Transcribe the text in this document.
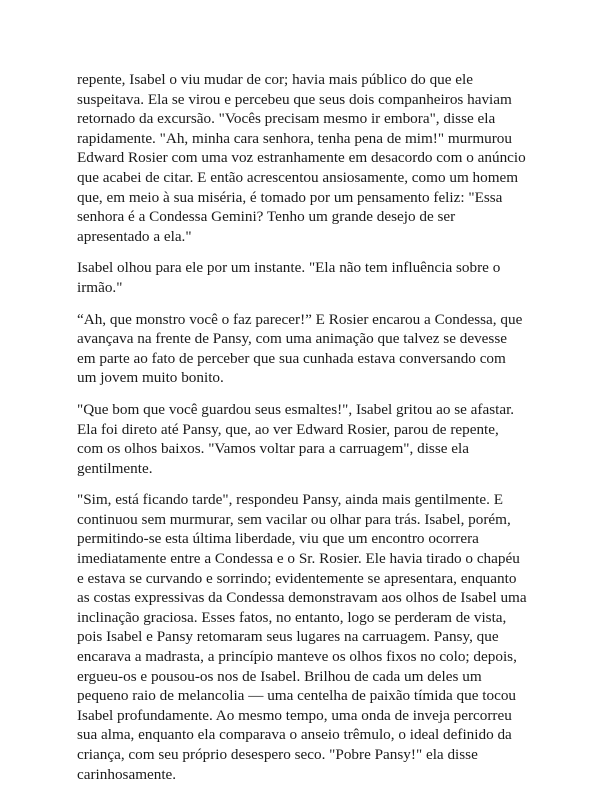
repente, Isabel o viu mudar de cor; havia mais público do que ele suspeitava. Ela se virou e percebeu que seus dois companheiros haviam retornado da excursão. "Vocês precisam mesmo ir embora", disse ela rapidamente. "Ah, minha cara senhora, tenha pena de mim!" murmurou Edward Rosier com uma voz estranhamente em desacordo com o anúncio que acabei de citar. E então acrescentou ansiosamente, como um homem que, em meio à sua miséria, é tomado por um pensamento feliz: "Essa senhora é a Condessa Gemini? Tenho um grande desejo de ser apresentado a ela."

Isabel olhou para ele por um instante. "Ela não tem influência sobre o irmão."

“Ah, que monstro você o faz parecer!” E Rosier encarou a Condessa, que avançava na frente de Pansy, com uma animação que talvez se devesse em parte ao fato de perceber que sua cunhada estava conversando com um jovem muito bonito.

"Que bom que você guardou seus esmaltes!", Isabel gritou ao se afastar. Ela foi direto até Pansy, que, ao ver Edward Rosier, parou de repente, com os olhos baixos. "Vamos voltar para a carruagem", disse ela gentilmente.

"Sim, está ficando tarde", respondeu Pansy, ainda mais gentilmente. E continuou sem murmurar, sem vacilar ou olhar para trás. Isabel, porém, permitindo-se esta última liberdade, viu que um encontro ocorrera imediatamente entre a Condessa e o Sr. Rosier. Ele havia tirado o chapéu e estava se curvando e sorrindo; evidentemente se apresentara, enquanto as costas expressivas da Condessa demonstravam aos olhos de Isabel uma inclinação graciosa. Esses fatos, no entanto, logo se perderam de vista, pois Isabel e Pansy retomaram seus lugares na carruagem. Pansy, que encarava a madrasta, a princípio manteve os olhos fixos no colo; depois, ergueu-os e pousou-os nos de Isabel. Brilhou de cada um deles um pequeno raio de melancolia — uma centelha de paixão tímida que tocou Isabel profundamente. Ao mesmo tempo, uma onda de inveja percorreu sua alma, enquanto ela comparava o anseio trêmulo, o ideal definido da criança, com seu próprio desespero seco. "Pobre Pansy!" ela disse carinhosamente.
